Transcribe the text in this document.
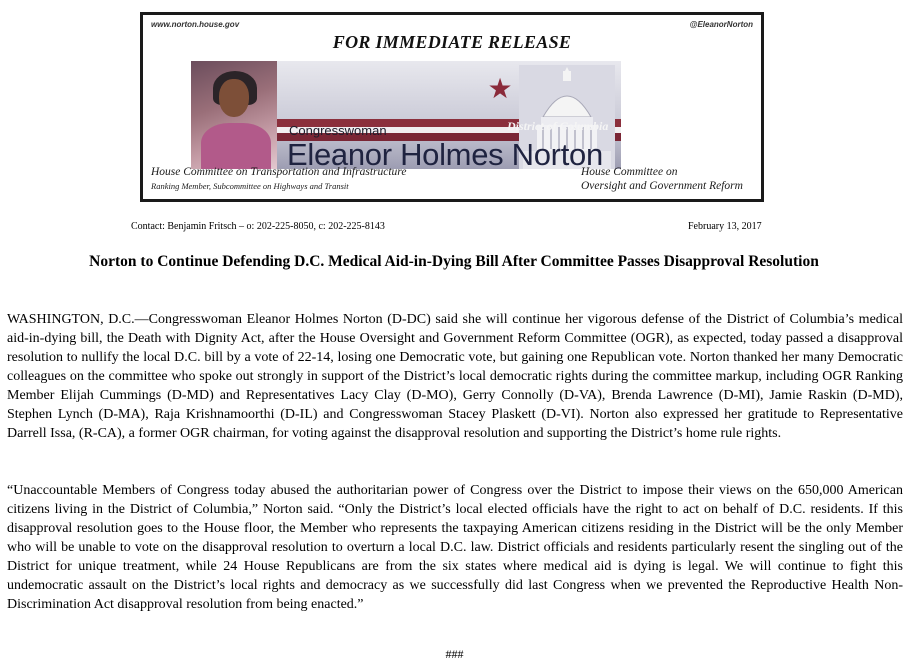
www.norton.house.gov	@EleanorNorton
FOR IMMEDIATE RELEASE
★
Congresswoman	District of Columbia
Eleanor Holmes Norton
House Committee on Transportation and Infrastructure
Ranking Member, Subcommittee on Highways and Transit
House Committee on
Oversight and Government Reform
Contact: Benjamin Fritsch – o: 202-225-8050, c: 202-225-8143	February 13, 2017
Norton to Continue Defending D.C. Medical Aid-in-Dying Bill After Committee Passes Disapproval Resolution

WASHINGTON, D.C.—Congresswoman Eleanor Holmes Norton (D-DC) said she will continue her vigorous defense of the District of Columbia’s medical aid-in-dying bill, the Death with Dignity Act, after the House Oversight and Government Reform Committee (OGR), as expected, today passed a disapproval resolution to nullify the local D.C. bill by a vote of 22-14, losing one Democratic vote, but gaining one Republican vote. Norton thanked her many Democratic colleagues on the committee who spoke out strongly in support of the District’s local democratic rights during the committee markup, including OGR Ranking Member Elijah Cummings (D-MD) and Representatives Lacy Clay (D-MO), Gerry Connolly (D-VA), Brenda Lawrence (D-MI), Jamie Raskin (D-MD), Stephen Lynch (D-MA), Raja Krishnamoorthi (D-IL) and Congresswoman Stacey Plaskett (D-VI). Norton also expressed her gratitude to Representative Darrell Issa, (R-CA), a former OGR chairman, for voting against the disapproval resolution and supporting the District’s home rule rights.

“Unaccountable Members of Congress today abused the authoritarian power of Congress over the District to impose their views on the 650,000 American citizens living in the District of Columbia,” Norton said. “Only the District’s local elected officials have the right to act on behalf of D.C. residents. If this disapproval resolution goes to the House floor, the Member who represents the taxpaying American citizens residing in the District will be the only Member who will be unable to vote on the disapproval resolution to overturn a local D.C. law. District officials and residents particularly resent the singling out of the District for unique treatment, while 24 House Republicans are from the six states where medical aid is dying is legal. We will continue to fight this undemocratic assault on the District’s local rights and democracy as we successfully did last Congress when we prevented the Reproductive Health Non-Discrimination Act disapproval resolution from being enacted.”

###
